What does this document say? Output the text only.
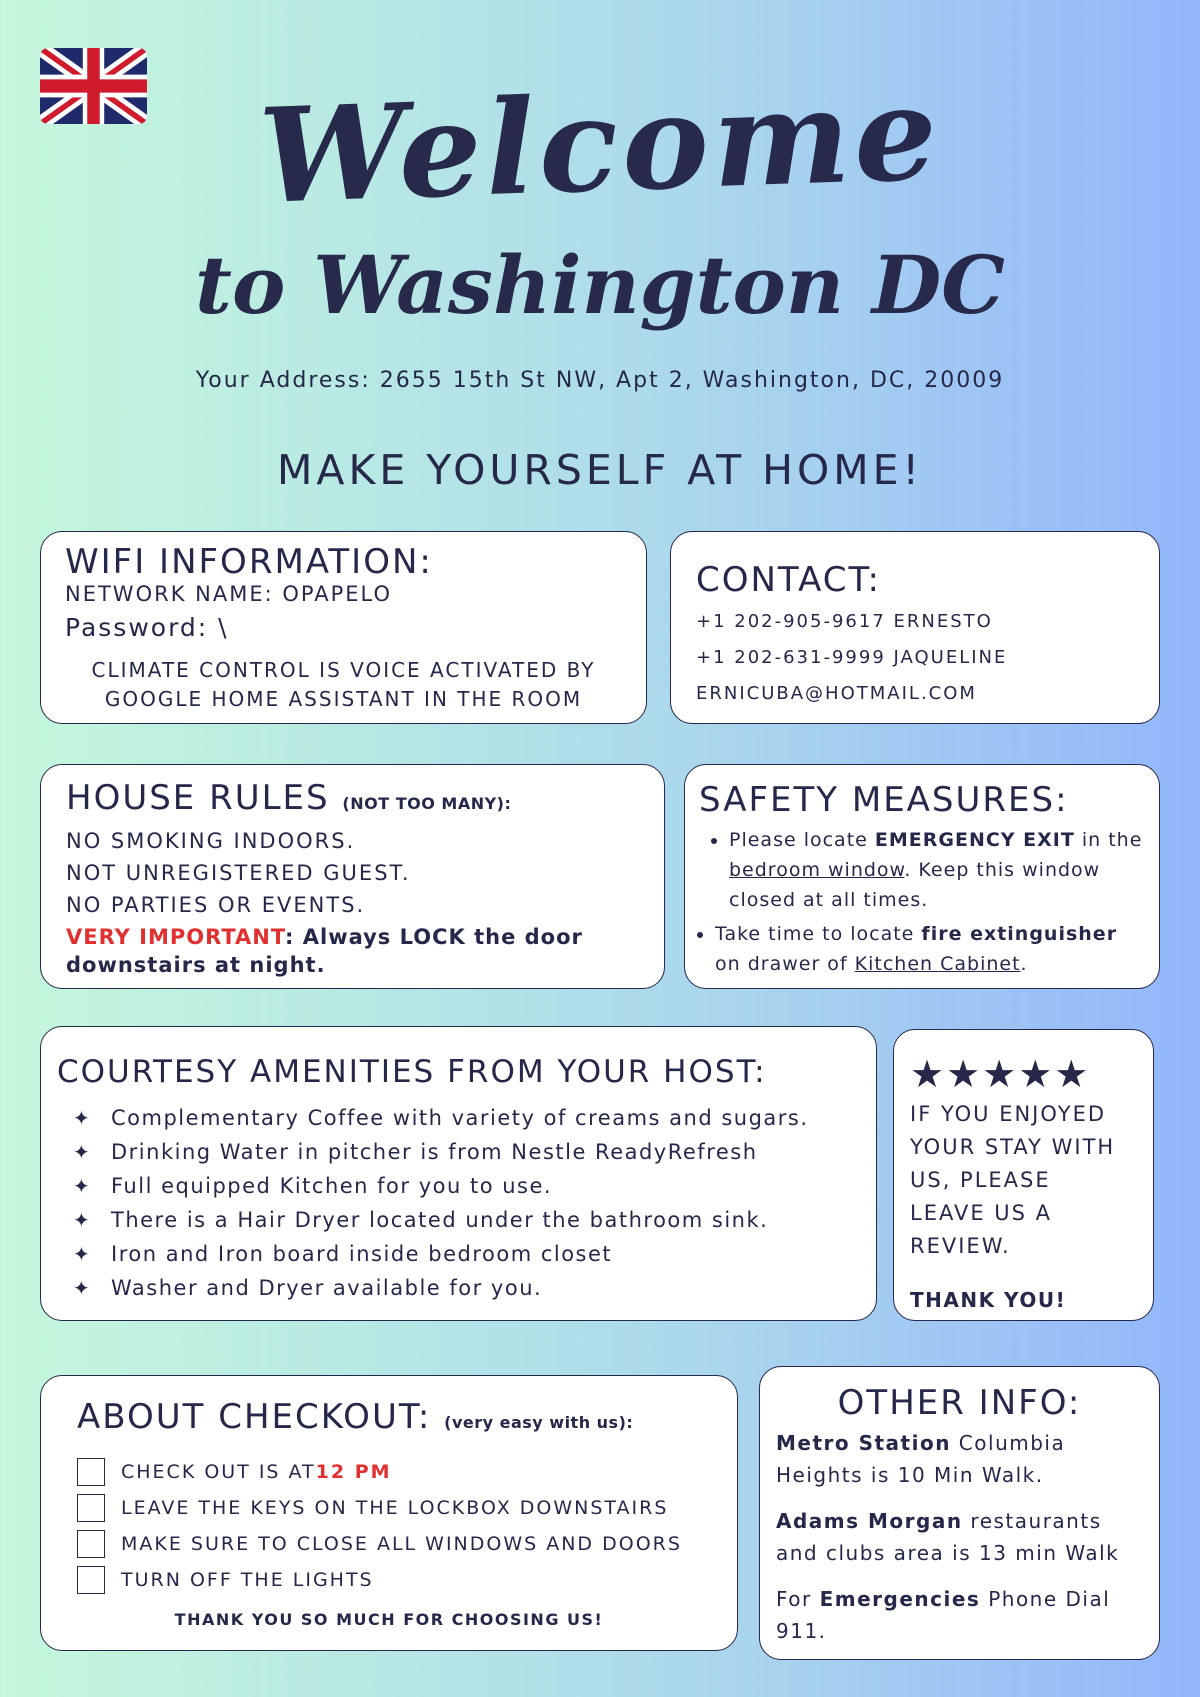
Welcome
to Washington DC

Your Address: 2655 15th St NW, Apt 2, Washington, DC, 20009

MAKE YOURSELF AT HOME!
WIFI INFORMATION:

NETWORK NAME: OPAPELO

Password: \

CLIMATE CONTROL IS VOICE ACTIVATED BY GOOGLE HOME ASSISTANT IN THE ROOM

CONTACT:

+1 202-905-9617 ERNESTO

+1 202-631-9999 JAQUELINE

ERNICUBA@HOTMAIL.COM

HOUSE RULES (NOT TOO MANY):

NO SMOKING INDOORS.

NOT UNREGISTERED GUEST.

NO PARTIES OR EVENTS.

VERY IMPORTANT: Always LOCK the door downstairs at night.

SAFETY MEASURES:
• Please locate EMERGENCY EXIT in the bedroom window. Keep this window closed at all times.
• Take time to locate fire extinguisher on drawer of Kitchen Cabinet.
COURTESY AMENITIES FROM YOUR HOST:
✦ Complementary Coffee with variety of creams and sugars.
✦ Drinking Water in pitcher is from Nestle ReadyRefresh
✦ Full equipped Kitchen for you to use.
✦ There is a Hair Dryer located under the bathroom sink.
✦ Iron and Iron board inside bedroom closet
✦ Washer and Dryer available for you.
★★★★★

IF YOU ENJOYED

YOUR STAY WITH

US, PLEASE

LEAVE US A

REVIEW.

THANK YOU!

ABOUT CHECKOUT: (very easy with us):
CHECK OUT IS AT 12 PM
LEAVE THE KEYS ON THE LOCKBOX DOWNSTAIRS
MAKE SURE TO CLOSE ALL WINDOWS AND DOORS
TURN OFF THE LIGHTS

THANK YOU SO MUCH FOR CHOOSING US!

OTHER INFO:

Metro Station Columbia Heights is 10 Min Walk.

Adams Morgan restaurants and clubs area is 13 min Walk

For Emergencies Phone Dial 911.
